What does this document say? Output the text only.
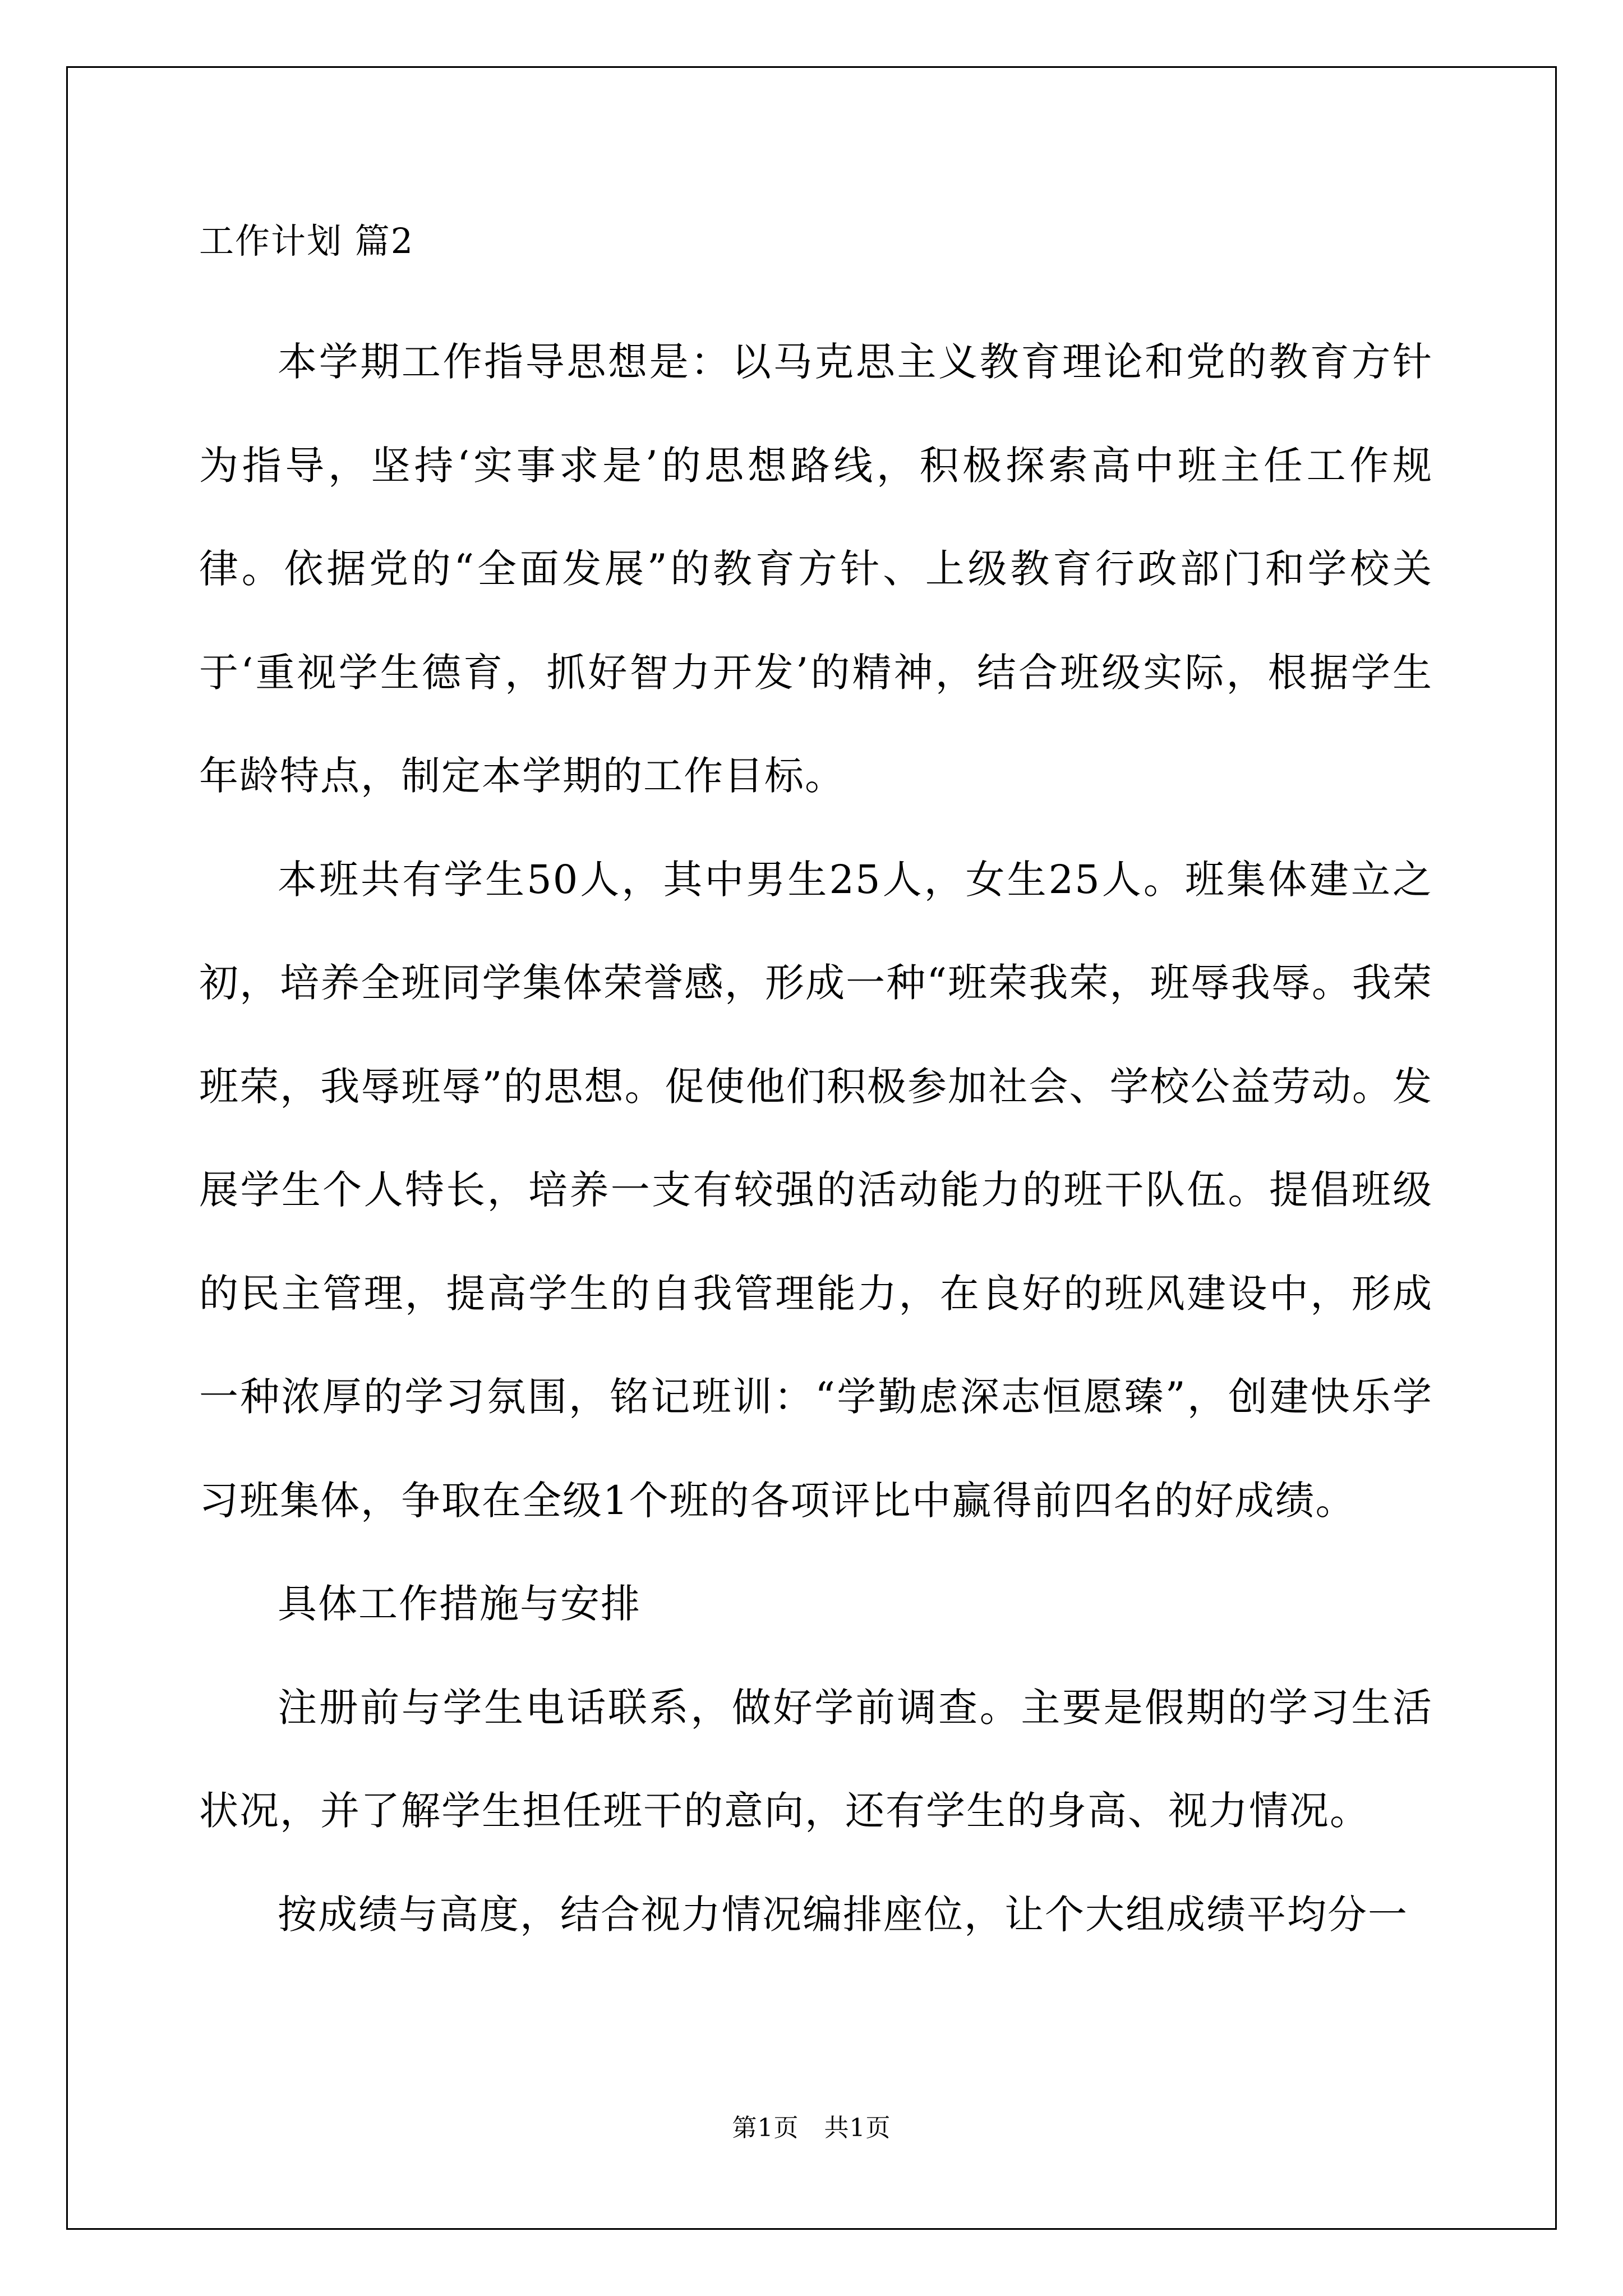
工作计划 篇2

本学期工作指导思想是：以马克思主义教育理论和党的教育方针为指导，坚持‘实事求是’的思想路线，积极探索高中班主任工作规律。依据党的“全面发展”的教育方针、上级教育行政部门和学校关于‘重视学生德育，抓好智力开发’的精神，结合班级实际，根据学生年龄特点，制定本学期的工作目标。

本班共有学生50人，其中男生25人，女生25人。班集体建立之初，培养全班同学集体荣誉感，形成一种“班荣我荣，班辱我辱。我荣班荣，我辱班辱”的思想。促使他们积极参加社会、学校公益劳动。发展学生个人特长，培养一支有较强的活动能力的班干队伍。提倡班级的民主管理，提高学生的自我管理能力，在良好的班风建设中，形成一种浓厚的学习氛围，铭记班训：“学勤虑深志恒愿臻”，创建快乐学习班集体，争取在全级1个班的各项评比中赢得前四名的好成绩。

具体工作措施与安排

注册前与学生电话联系，做好学前调查。主要是假期的学习生活状况，并了解学生担任班干的意向，还有学生的身高、视力情况。

按成绩与高度，结合视力情况编排座位，让个大组成绩平均分一

第1页　共1页
